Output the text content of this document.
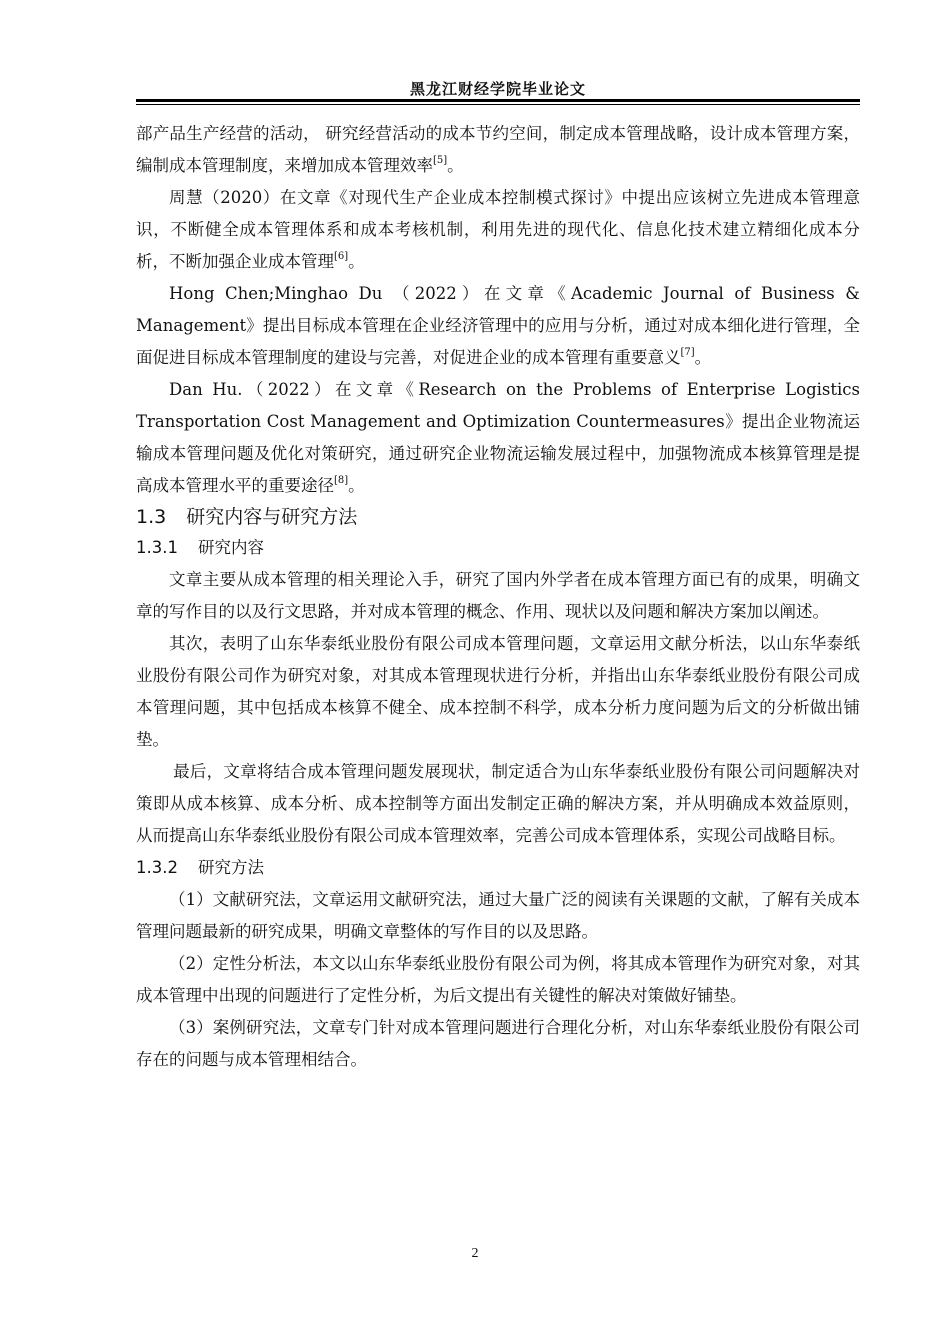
黑龙江财经学院毕业论文

部产品生产经营的活动， 研究经营活动的成本节约空间，制定成本管理战略，设计成本管理方案，编制成本管理制度，来增加成本管理效率[5]。

周慧（2020）在文章《对现代生产企业成本控制模式探讨》中提出应该树立先进成本管理意识，不断健全成本管理体系和成本考核机制，利用先进的现代化、信息化技术建立精细化成本分析，不断加强企业成本管理[6]。

Hong Chen;Minghao Du （2022）在文章《Academic Journal of Business & Management》提出目标成本管理在企业经济管理中的应用与分析，通过对成本细化进行管理，全面促进目标成本管理制度的建设与完善，对促进企业的成本管理有重要意义[7]。

Dan Hu.（2022）在文章《Research on the Problems of Enterprise Logistics Transportation Cost Management and Optimization Countermeasures》提出企业物流运输成本管理问题及优化对策研究，通过研究企业物流运输发展过程中，加强物流成本核算管理是提高成本管理水平的重要途径[8]。

1.3 研究内容与研究方法
1.3.1 研究内容

文章主要从成本管理的相关理论入手，研究了国内外学者在成本管理方面已有的成果，明确文章的写作目的以及行文思路，并对成本管理的概念、作用、现状以及问题和解决方案加以阐述。

其次，表明了山东华泰纸业股份有限公司成本管理问题，文章运用文献分析法，以山东华泰纸业股份有限公司作为研究对象，对其成本管理现状进行分析，并指出山东华泰纸业股份有限公司成本管理问题，其中包括成本核算不健全、成本控制不科学，成本分析力度问题为后文的分析做出铺垫。

最后，文章将结合成本管理问题发展现状，制定适合为山东华泰纸业股份有限公司问题解决对策即从成本核算、成本分析、成本控制等方面出发制定正确的解决方案，并从明确成本效益原则，从而提高山东华泰纸业股份有限公司成本管理效率，完善公司成本管理体系，实现公司战略目标。

1.3.2 研究方法

（1）文献研究法，文章运用文献研究法，通过大量广泛的阅读有关课题的文献，了解有关成本管理问题最新的研究成果，明确文章整体的写作目的以及思路。

（2）定性分析法，本文以山东华泰纸业股份有限公司为例，将其成本管理作为研究对象，对其成本管理中出现的问题进行了定性分析，为后文提出有关键性的解决对策做好铺垫。

（3）案例研究法，文章专门针对成本管理问题进行合理化分析，对山东华泰纸业股份有限公司存在的问题与成本管理相结合。

2
